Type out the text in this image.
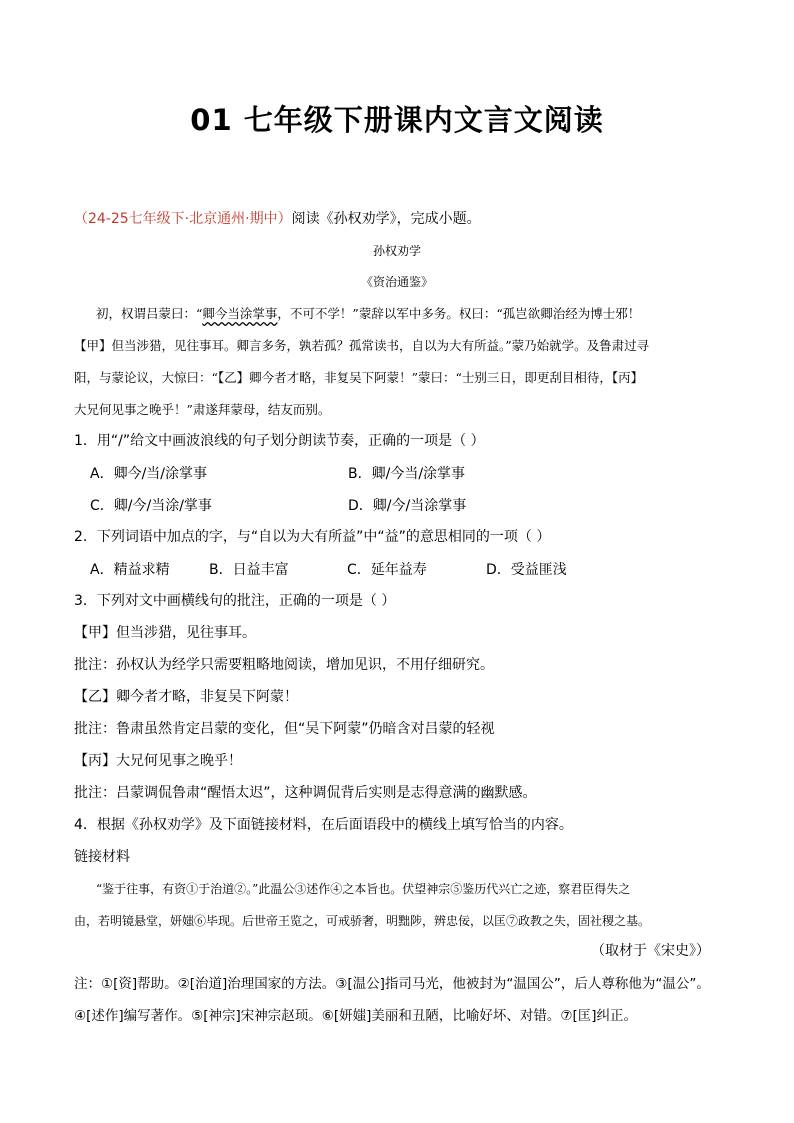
01 七年级下册课内文言文阅读
（24-25七年级下·北京通州·期中）阅读《孙权劝学》，完成小题。
孙权劝学
《资治通鉴》
初，权谓吕蒙曰：“卿今当涂掌事，不可不学！”蒙辞以军中多务。权曰：“孤岂欲卿治经为博士邪！
【甲】但当涉猎，见往事耳。卿言多务，孰若孤？孤常读书，自以为大有所益。”蒙乃始就学。及鲁肃过寻
阳，与蒙论议，大惊曰：“【乙】卿今者才略，非复吴下阿蒙！”蒙曰：“士别三日，即更刮目相待，【丙】
大兄何见事之晚乎！”肃遂拜蒙母，结友而别。
1．用“/”给文中画波浪线的句子划分朗读节奏，正确的一项是（ ）
A．卿今/当/涂掌事	B．卿/今当/涂掌事
C．卿/今/当涂/掌事	D．卿/今/当涂掌事
2．下列词语中加点的字，与“自以为大有所益”中“益”的意思相同的一项（ ）
A．精益求精	B．日益丰富	C．延年益寿	D．受益匪浅
3．下列对文中画横线句的批注，正确的一项是（ ）
【甲】但当涉猎，见往事耳。
批注：孙权认为经学只需要粗略地阅读，增加见识，不用仔细研究。
【乙】卿今者才略，非复吴下阿蒙！
批注：鲁肃虽然肯定吕蒙的变化，但“吴下阿蒙”仍暗含对吕蒙的轻视
【丙】大兄何见事之晚乎！
批注：吕蒙调侃鲁肃“醒悟太迟”，这种调侃背后实则是志得意满的幽默感。
4．根据《孙权劝学》及下面链接材料，在后面语段中的横线上填写恰当的内容。
链接材料
“鉴于往事，有资①于治道②。”此温公③述作④之本旨也。伏望神宗⑤鉴历代兴亡之迹，察君臣得失之
由，若明镜悬堂，妍媸⑥毕现。后世帝王览之，可戒骄奢，明黜陟，辨忠佞，以匡⑦政教之失，固社稷之基。
（取材于《宋史》）
注：①[资]帮助。②[治道]治理国家的方法。③[温公]指司马光，他被封为“温国公”，后人尊称他为“温公”。
④[述作]编写著作。⑤[神宗]宋神宗赵顼。⑥[妍媸]美丽和丑陋，比喻好坏、对错。⑦[匡]纠正。
